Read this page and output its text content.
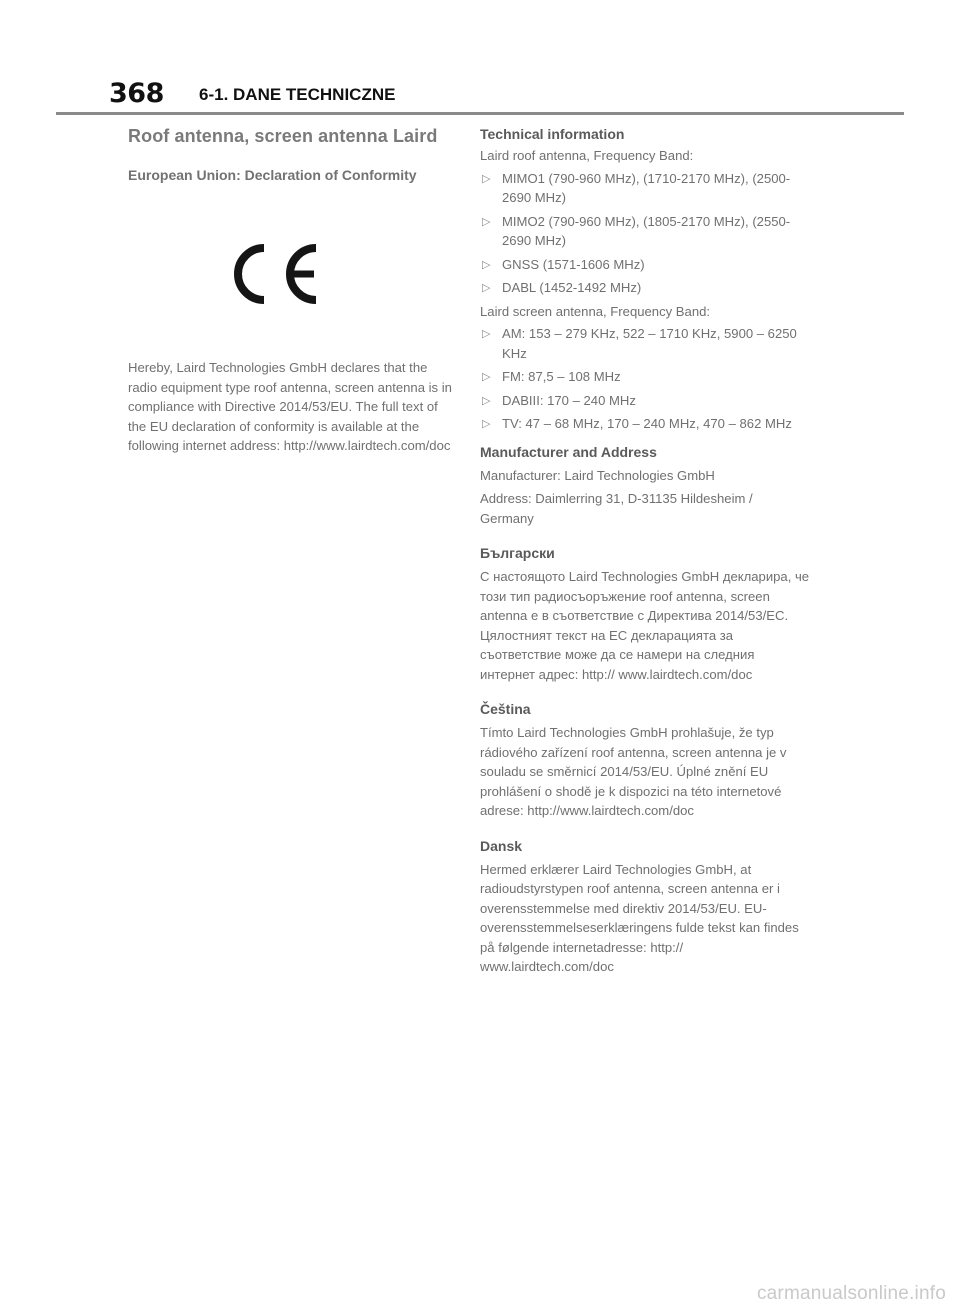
368 6-1. DANE TECHNICZNE
Roof antenna, screen antenna Laird
European Union: Declaration of Conformity

Hereby, Laird Technologies GmbH declares that the radio equipment type roof antenna, screen antenna is in compliance with Directive 2014/53/EU. The full text of the EU declaration of conformity is available at the following internet address: http://www.lairdtech.com/doc

Technical information

Laird roof antenna, Frequency Band:

▷ MIMO1 (790-960 MHz), (1710-2170 MHz), (2500-2690 MHz)
▷ MIMO2 (790-960 MHz), (1805-2170 MHz), (2550-2690 MHz)
▷ GNSS (1571-1606 MHz)
▷ DABL (1452-1492 MHz)

Laird screen antenna, Frequency Band:

▷ AM: 153 – 279 KHz, 522 – 1710 KHz, 5900 – 6250 KHz
▷ FM: 87,5 – 108 MHz
▷ DABIII: 170 – 240 MHz
▷ TV: 47 – 68 MHz, 170 – 240 MHz, 470 – 862 MHz
Manufacturer and Address

Manufacturer: Laird Technologies GmbH

Address: Daimlerring 31, D-31135 Hildesheim / Germany

Български

С настоящото Laird Technologies GmbH декларира, че този тип радиосъоръжение roof antenna, screen antenna е в съответствие с Директива 2014/53/ЕС. Цялостният текст на ЕС декларацията за съответствие може да се намери на следния интернет адрес: http:// www.lairdtech.com/doc

Čeština

Tímto Laird Technologies GmbH prohlašuje, že typ rádiového zařízení roof antenna, screen antenna je v souladu se směrnicí 2014/53/EU. Úplné znění EU prohlášení o shodě je k dispozici na této internetové adrese: http://www.lairdtech.com/doc

Dansk

Hermed erklærer Laird Technologies GmbH, at radioudstyrstypen roof antenna, screen antenna er i overensstemmelse med direktiv 2014/53/EU. EU-overensstemmelseserklæringens fulde tekst kan findes på følgende internetadresse: http:// www.lairdtech.com/doc

carmanualsonline.info
